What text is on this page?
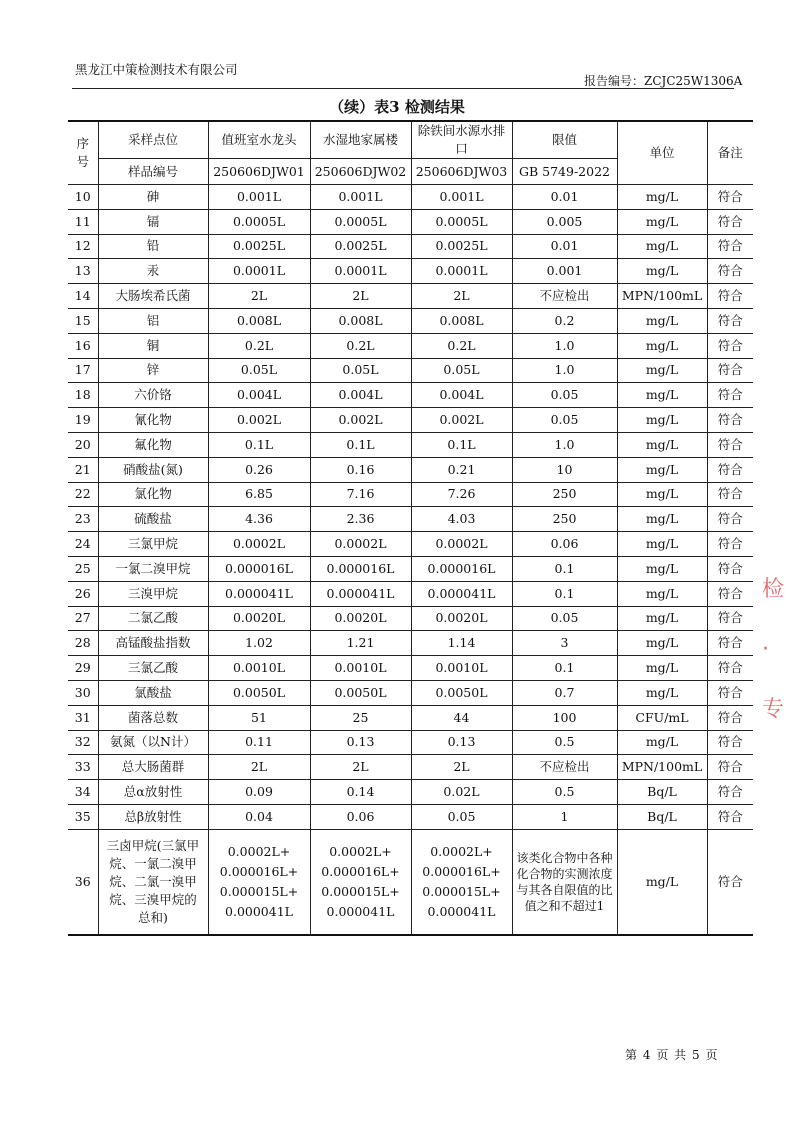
黑龙江中策检测技术有限公司
报告编号：ZCJC25W1306A
（续）表3 检测结果
序号	采样点位	值班室水龙头	水湿地家属楼	除铁间水源水排口	限值	单位	备注
	样品编号	250606DJW01	250606DJW02	250606DJW03	GB 5749-2022		
10	砷	0.001L	0.001L	0.001L	0.01	mg/L	符合
11	镉	0.0005L	0.0005L	0.0005L	0.005	mg/L	符合
12	铅	0.0025L	0.0025L	0.0025L	0.01	mg/L	符合
13	汞	0.0001L	0.0001L	0.0001L	0.001	mg/L	符合
14	大肠埃希氏菌	2L	2L	2L	不应检出	MPN/100mL	符合
15	铝	0.008L	0.008L	0.008L	0.2	mg/L	符合
16	铜	0.2L	0.2L	0.2L	1.0	mg/L	符合
17	锌	0.05L	0.05L	0.05L	1.0	mg/L	符合
18	六价铬	0.004L	0.004L	0.004L	0.05	mg/L	符合
19	氰化物	0.002L	0.002L	0.002L	0.05	mg/L	符合
20	氟化物	0.1L	0.1L	0.1L	1.0	mg/L	符合
21	硝酸盐(氮)	0.26	0.16	0.21	10	mg/L	符合
22	氯化物	6.85	7.16	7.26	250	mg/L	符合
23	硫酸盐	4.36	2.36	4.03	250	mg/L	符合
24	三氯甲烷	0.0002L	0.0002L	0.0002L	0.06	mg/L	符合
25	一氯二溴甲烷	0.000016L	0.000016L	0.000016L	0.1	mg/L	符合
26	三溴甲烷	0.000041L	0.000041L	0.000041L	0.1	mg/L	符合
27	二氯乙酸	0.0020L	0.0020L	0.0020L	0.05	mg/L	符合
28	高锰酸盐指数	1.02	1.21	1.14	3	mg/L	符合
29	三氯乙酸	0.0010L	0.0010L	0.0010L	0.1	mg/L	符合
30	氯酸盐	0.0050L	0.0050L	0.0050L	0.7	mg/L	符合
31	菌落总数	51	25	44	100	CFU/mL	符合
32	氨氮（以N计）	0.11	0.13	0.13	0.5	mg/L	符合
33	总大肠菌群	2L	2L	2L	不应检出	MPN/100mL	符合
34	总α放射性	0.09	0.14	0.02L	0.5	Bq/L	符合
35	总β放射性	0.04	0.06	0.05	1	Bq/L	符合
36	三卤甲烷(三氯甲烷、一氯二溴甲烷、二氯一溴甲烷、三溴甲烷的总和)	0.0002L+
0.000016L+
0.000015L+
0.000041L	0.0002L+
0.000016L+
0.000015L+
0.000041L	0.0002L+
0.000016L+
0.000015L+
0.000041L	该类化合物中各种化合物的实测浓度与其各自限值的比值之和不超过1	mg/L	符合
第 4 页 共 5 页
检 · 专
